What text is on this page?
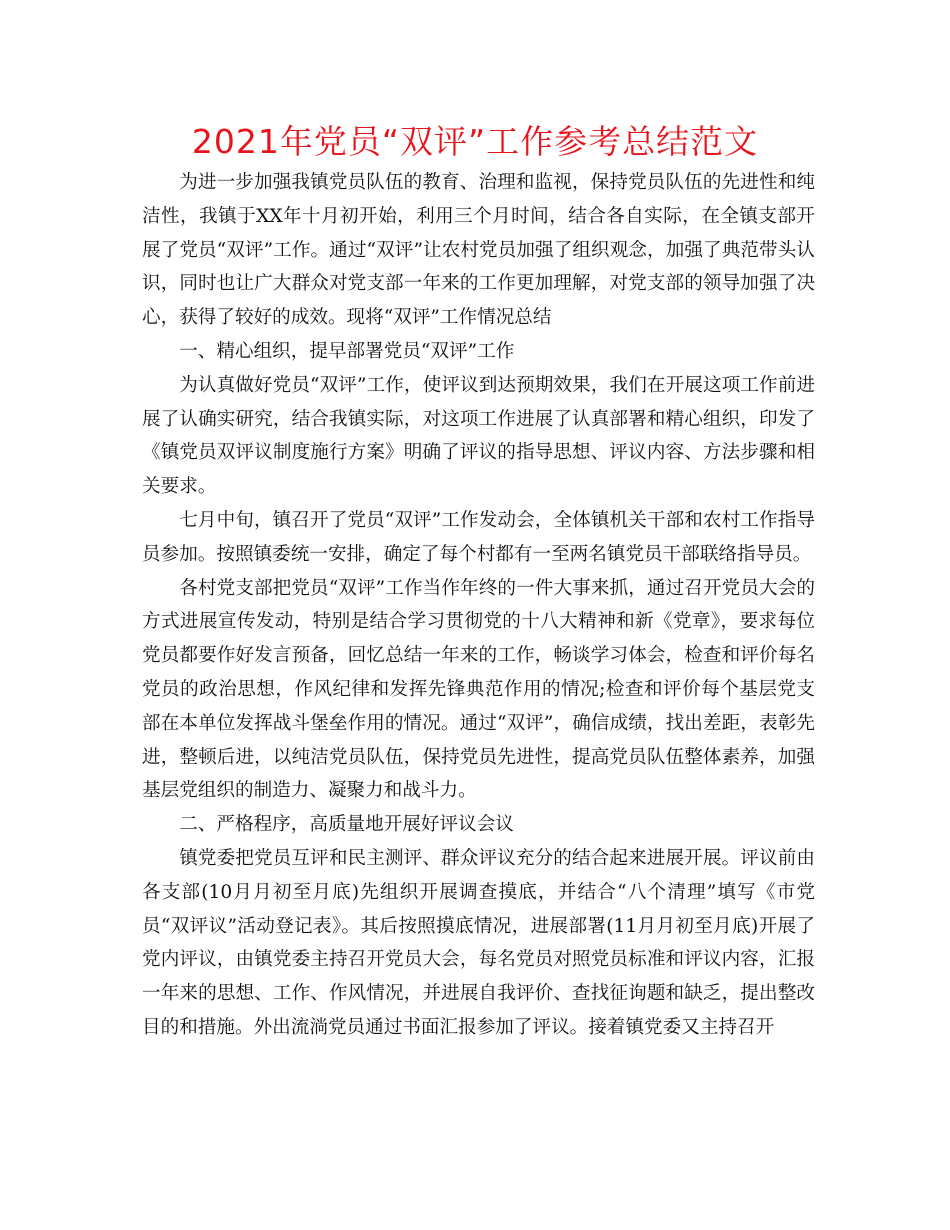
2021年党员“双评”工作参考总结范文

为进一步加强我镇党员队伍的教育、治理和监视，保持党员队伍的先进性和纯洁性，我镇于XX年十月初开始，利用三个月时间，结合各自实际，在全镇支部开展了党员“双评”工作。通过“双评”让农村党员加强了组织观念，加强了典范带头认识，同时也让广大群众对党支部一年来的工作更加理解，对党支部的领导加强了决心，获得了较好的成效。现将“双评”工作情况总结

一、精心组织，提早部署党员“双评”工作

为认真做好党员“双评”工作，使评议到达预期效果，我们在开展这项工作前进展了认确实研究，结合我镇实际，对这项工作进展了认真部署和精心组织，印发了《镇党员双评议制度施行方案》明确了评议的指导思想、评议内容、方法步骤和相关要求。

七月中旬，镇召开了党员“双评”工作发动会，全体镇机关干部和农村工作指导员参加。按照镇委统一安排，确定了每个村都有一至两名镇党员干部联络指导员。

各村党支部把党员“双评”工作当作年终的一件大事来抓，通过召开党员大会的方式进展宣传发动，特别是结合学习贯彻党的十八大精神和新《党章》，要求每位党员都要作好发言预备，回忆总结一年来的工作，畅谈学习体会，检查和评价每名党员的政治思想，作风纪律和发挥先锋典范作用的情况;检查和评价每个基层党支部在本单位发挥战斗堡垒作用的情况。通过“双评”，确信成绩，找出差距，表彰先进，整顿后进，以纯洁党员队伍，保持党员先进性，提高党员队伍整体素养，加强基层党组织的制造力、凝聚力和战斗力。

二、严格程序，高质量地开展好评议会议

镇党委把党员互评和民主测评、群众评议充分的结合起来进展开展。评议前由各支部(10月月初至月底)先组织开展调查摸底，并结合“八个清理”填写《市党员“双评议”活动登记表》。其后按照摸底情况，进展部署(11月月初至月底)开展了党内评议，由镇党委主持召开党员大会，每名党员对照党员标准和评议内容，汇报一年来的思想、工作、作风情况，并进展自我评价、查找征询题和缺乏，提出整改目的和措施。外出流淌党员通过书面汇报参加了评议。接着镇党委又主持召开
